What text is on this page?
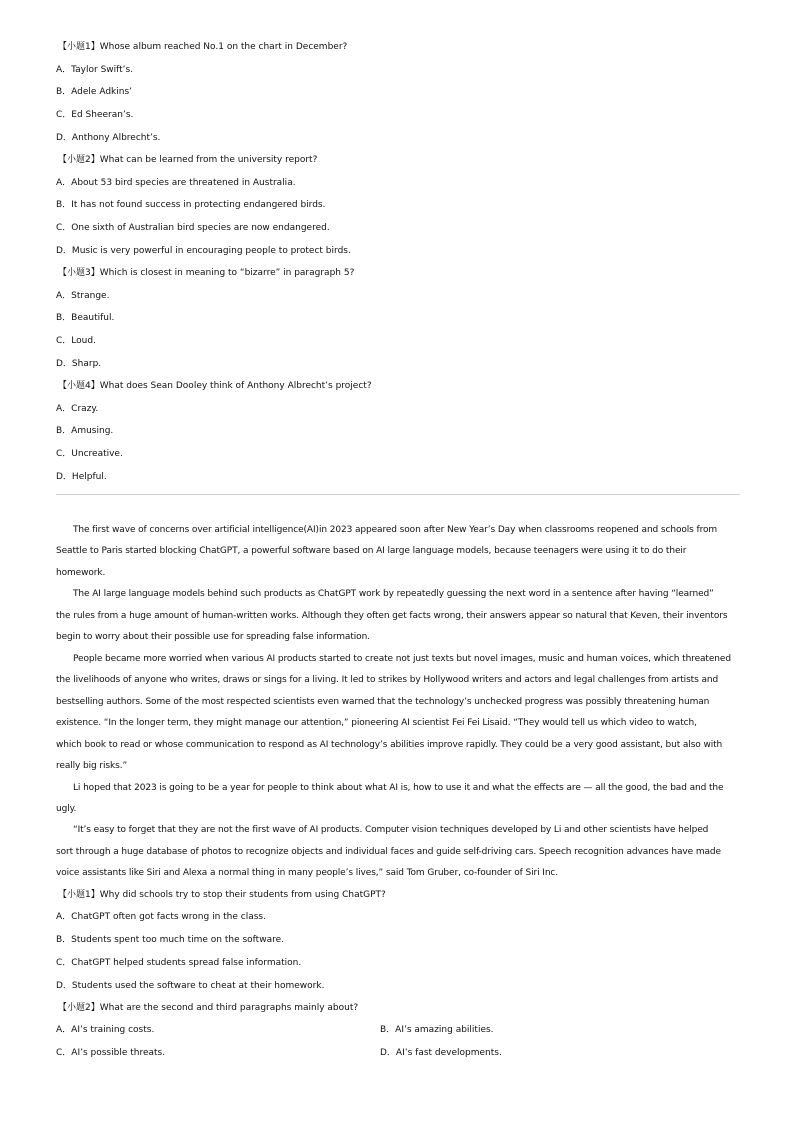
【小题1】Whose album reached No.1 on the chart in December?
A．Taylor Swift’s.
B．Adele Adkins’
C．Ed Sheeran’s.
D．Anthony Albrecht’s.
【小题2】What can be learned from the university report?
A．About 53 bird species are threatened in Australia.
B．It has not found success in protecting endangered birds.
C．One sixth of Australian bird species are now endangered.
D．Music is very powerful in encouraging people to protect birds.
【小题3】Which is closest in meaning to “bizarre” in paragraph 5?
A．Strange.
B．Beautiful.
C．Loud.
D．Sharp.
【小题4】What does Sean Dooley think of Anthony Albrecht’s project?
A．Crazy.
B．Amusing.
C．Uncreative.
D．Helpful.
The first wave of concerns over artificial intelligence(AI)in 2023 appeared soon after New Year’s Day when classrooms reopened and schools from
Seattle to Paris started blocking ChatGPT, a powerful software based on AI large language models, because teenagers were using it to do their
homework.
The AI large language models behind such products as ChatGPT work by repeatedly guessing the next word in a sentence after having “learned”
the rules from a huge amount of human-written works. Although they often get facts wrong, their answers appear so natural that Keven, their inventors
begin to worry about their possible use for spreading false information.
People became more worried when various AI products started to create not just texts but novel images, music and human voices, which threatened
the livelihoods of anyone who writes, draws or sings for a living. It led to strikes by Hollywood writers and actors and legal challenges from artists and
bestselling authors. Some of the most respected scientists even warned that the technology’s unchecked progress was possibly threatening human
existence. “In the longer term, they might manage our attention,” pioneering AI scientist Fei Fei Lisaid. “They would tell us which video to watch,
which book to read or whose communication to respond as AI technology’s abilities improve rapidly. They could be a very good assistant, but also with
really big risks.”
Li hoped that 2023 is going to be a year for people to think about what AI is, how to use it and what the effects are — all the good, the bad and the
ugly.
“It’s easy to forget that they are not the first wave of AI products. Computer vision techniques developed by Li and other scientists have helped
sort through a huge database of photos to recognize objects and individual faces and guide self-driving cars. Speech recognition advances have made
voice assistants like Siri and Alexa a normal thing in many people’s lives,” said Tom Gruber, co-founder of Siri Inc.
【小题1】Why did schools try to stop their students from using ChatGPT?
A．ChatGPT often got facts wrong in the class.
B．Students spent too much time on the software.
C．ChatGPT helped students spread false information.
D．Students used the software to cheat at their homework.
【小题2】What are the second and third paragraphs mainly about?
A．AI’s training costs.	B．AI’s amazing abilities.
C．AI’s possible threats.	D．AI’s fast developments.
